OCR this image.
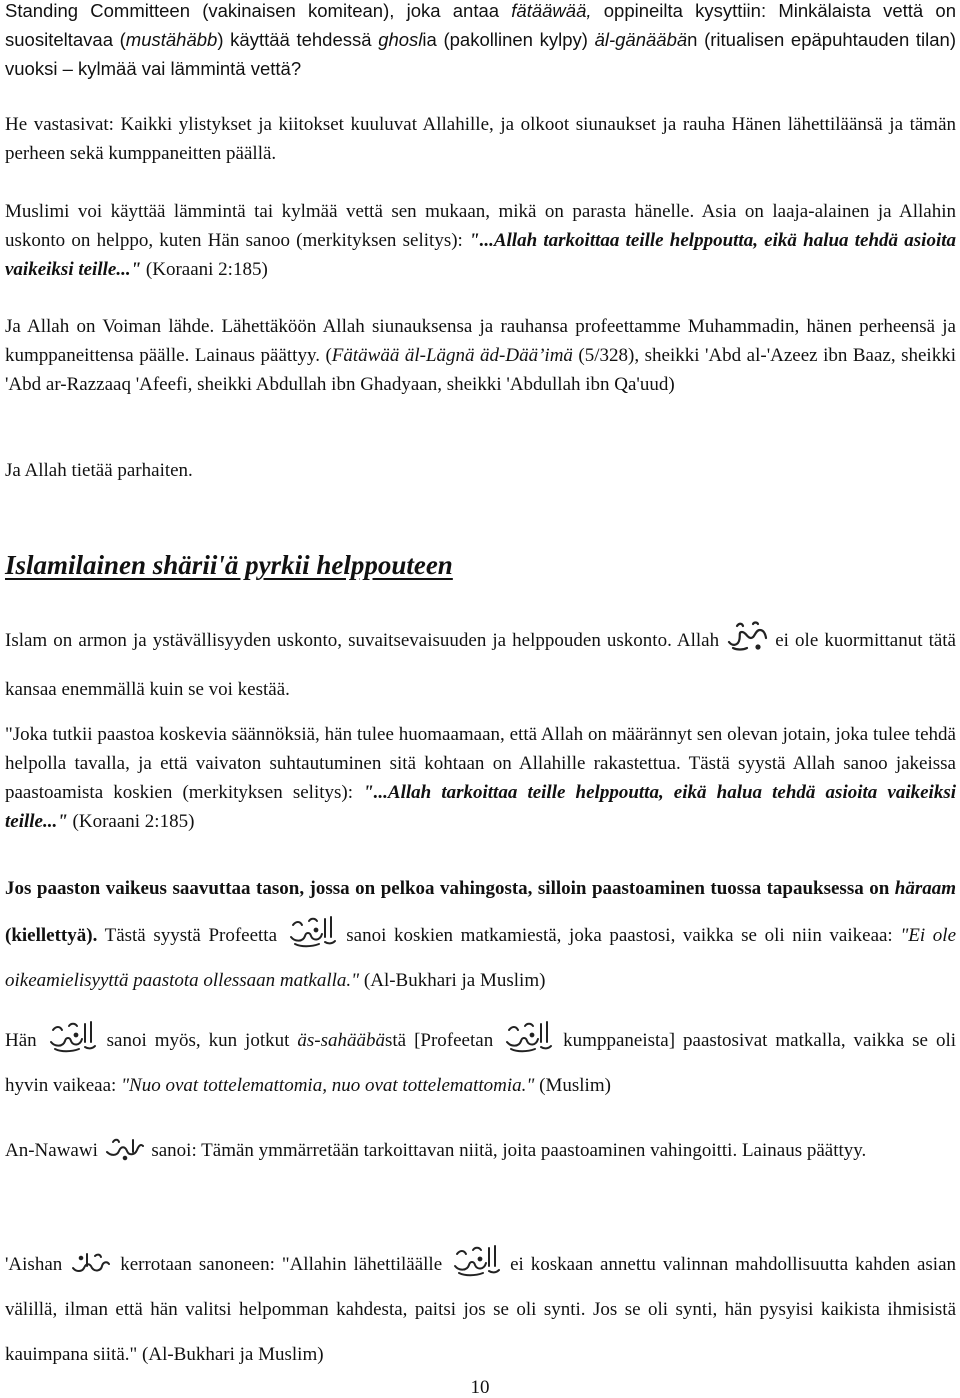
Standing Committeen (vakinaisen komitean), joka antaa fätääwää, oppineilta kysyttiin: Minkälaista vettä on suositeltavaa (mustähäbb) käyttää tehdessä ghoslia (pakollinen kylpy) äl-gänääbän (ritualisen epäpuhtauden tilan) vuoksi – kylmää vai lämmintä vettä?

He vastasivat: Kaikki ylistykset ja kiitokset kuuluvat Allahille, ja olkoot siunaukset ja rauha Hänen lähettiläänsä ja tämän perheen sekä kumppaneitten päällä.

Muslimi voi käyttää lämmintä tai kylmää vettä sen mukaan, mikä on parasta hänelle. Asia on laaja-alainen ja Allahin uskonto on helppo, kuten Hän sanoo (merkityksen selitys): "...Allah tarkoittaa teille helppoutta, eikä halua tehdä asioita vaikeiksi teille..." (Koraani 2:185)

Ja Allah on Voiman lähde. Lähettäköön Allah siunauksensa ja rauhansa profeettamme Muhammadin, hänen perheensä ja kumppaneittensa päälle. Lainaus päättyy. (Fätäwää äl-Lägnä äd-Dää’imä (5/328), sheikki 'Abd al-'Azeez ibn Baaz, sheikki 'Abd ar-Razzaaq 'Afeefi, sheikki Abdullah ibn Ghadyaan, sheikki 'Abdullah ibn Qa'uud)

Ja Allah tietää parhaiten.

Islamilainen shärii'ä pyrkii helppouteen

Islam on armon ja ystävällisyyden uskonto, suvaitsevaisuuden ja helppouden uskonto. Allah	ei ole kuormittanut tätä kansaa enemmällä kuin se voi kestää.

"Joka tutkii paastoa koskevia säännöksiä, hän tulee huomaamaan, että Allah on määrännyt sen olevan jotain, joka tulee tehdä helpolla tavalla, ja että vaivaton suhtautuminen sitä kohtaan on Allahille rakastettua. Tästä syystä Allah sanoo jakeissa paastoamista koskien (merkityksen selitys): "...Allah tarkoittaa teille helppoutta, eikä halua tehdä asioita vaikeiksi teille..." (Koraani 2:185)

Jos paaston vaikeus saavuttaa tason, jossa on pelkoa vahingosta, silloin paastoaminen tuossa tapauksessa on häraam (kiellettyä). Tästä syystä Profeetta	sanoi koskien matkamiestä, joka paastosi, vaikka se oli niin vaikeaa: "Ei ole oikeamielisyyttä paastota ollessaan matkalla." (Al-Bukhari ja Muslim)

Hän	sanoi myös, kun jotkut äs-sahääbästä [Profeetan	kumppaneista] paastosivat matkalla, vaikka se oli hyvin vaikeaa: "Nuo ovat tottelemattomia, nuo ovat tottelemattomia." (Muslim)

An-Nawawi	sanoi: Tämän ymmärretään tarkoittavan niitä, joita paastoaminen vahingoitti. Lainaus päättyy.

'Aishan	kerrotaan sanoneen: "Allahin lähettiläälle	ei koskaan annettu valinnan mahdollisuutta kahden asian välillä, ilman että hän valitsi helpomman kahdesta, paitsi jos se oli synti. Jos se oli synti, hän pysyisi kaikista ihmisistä kauimpana siitä." (Al-Bukhari ja Muslim)

10
